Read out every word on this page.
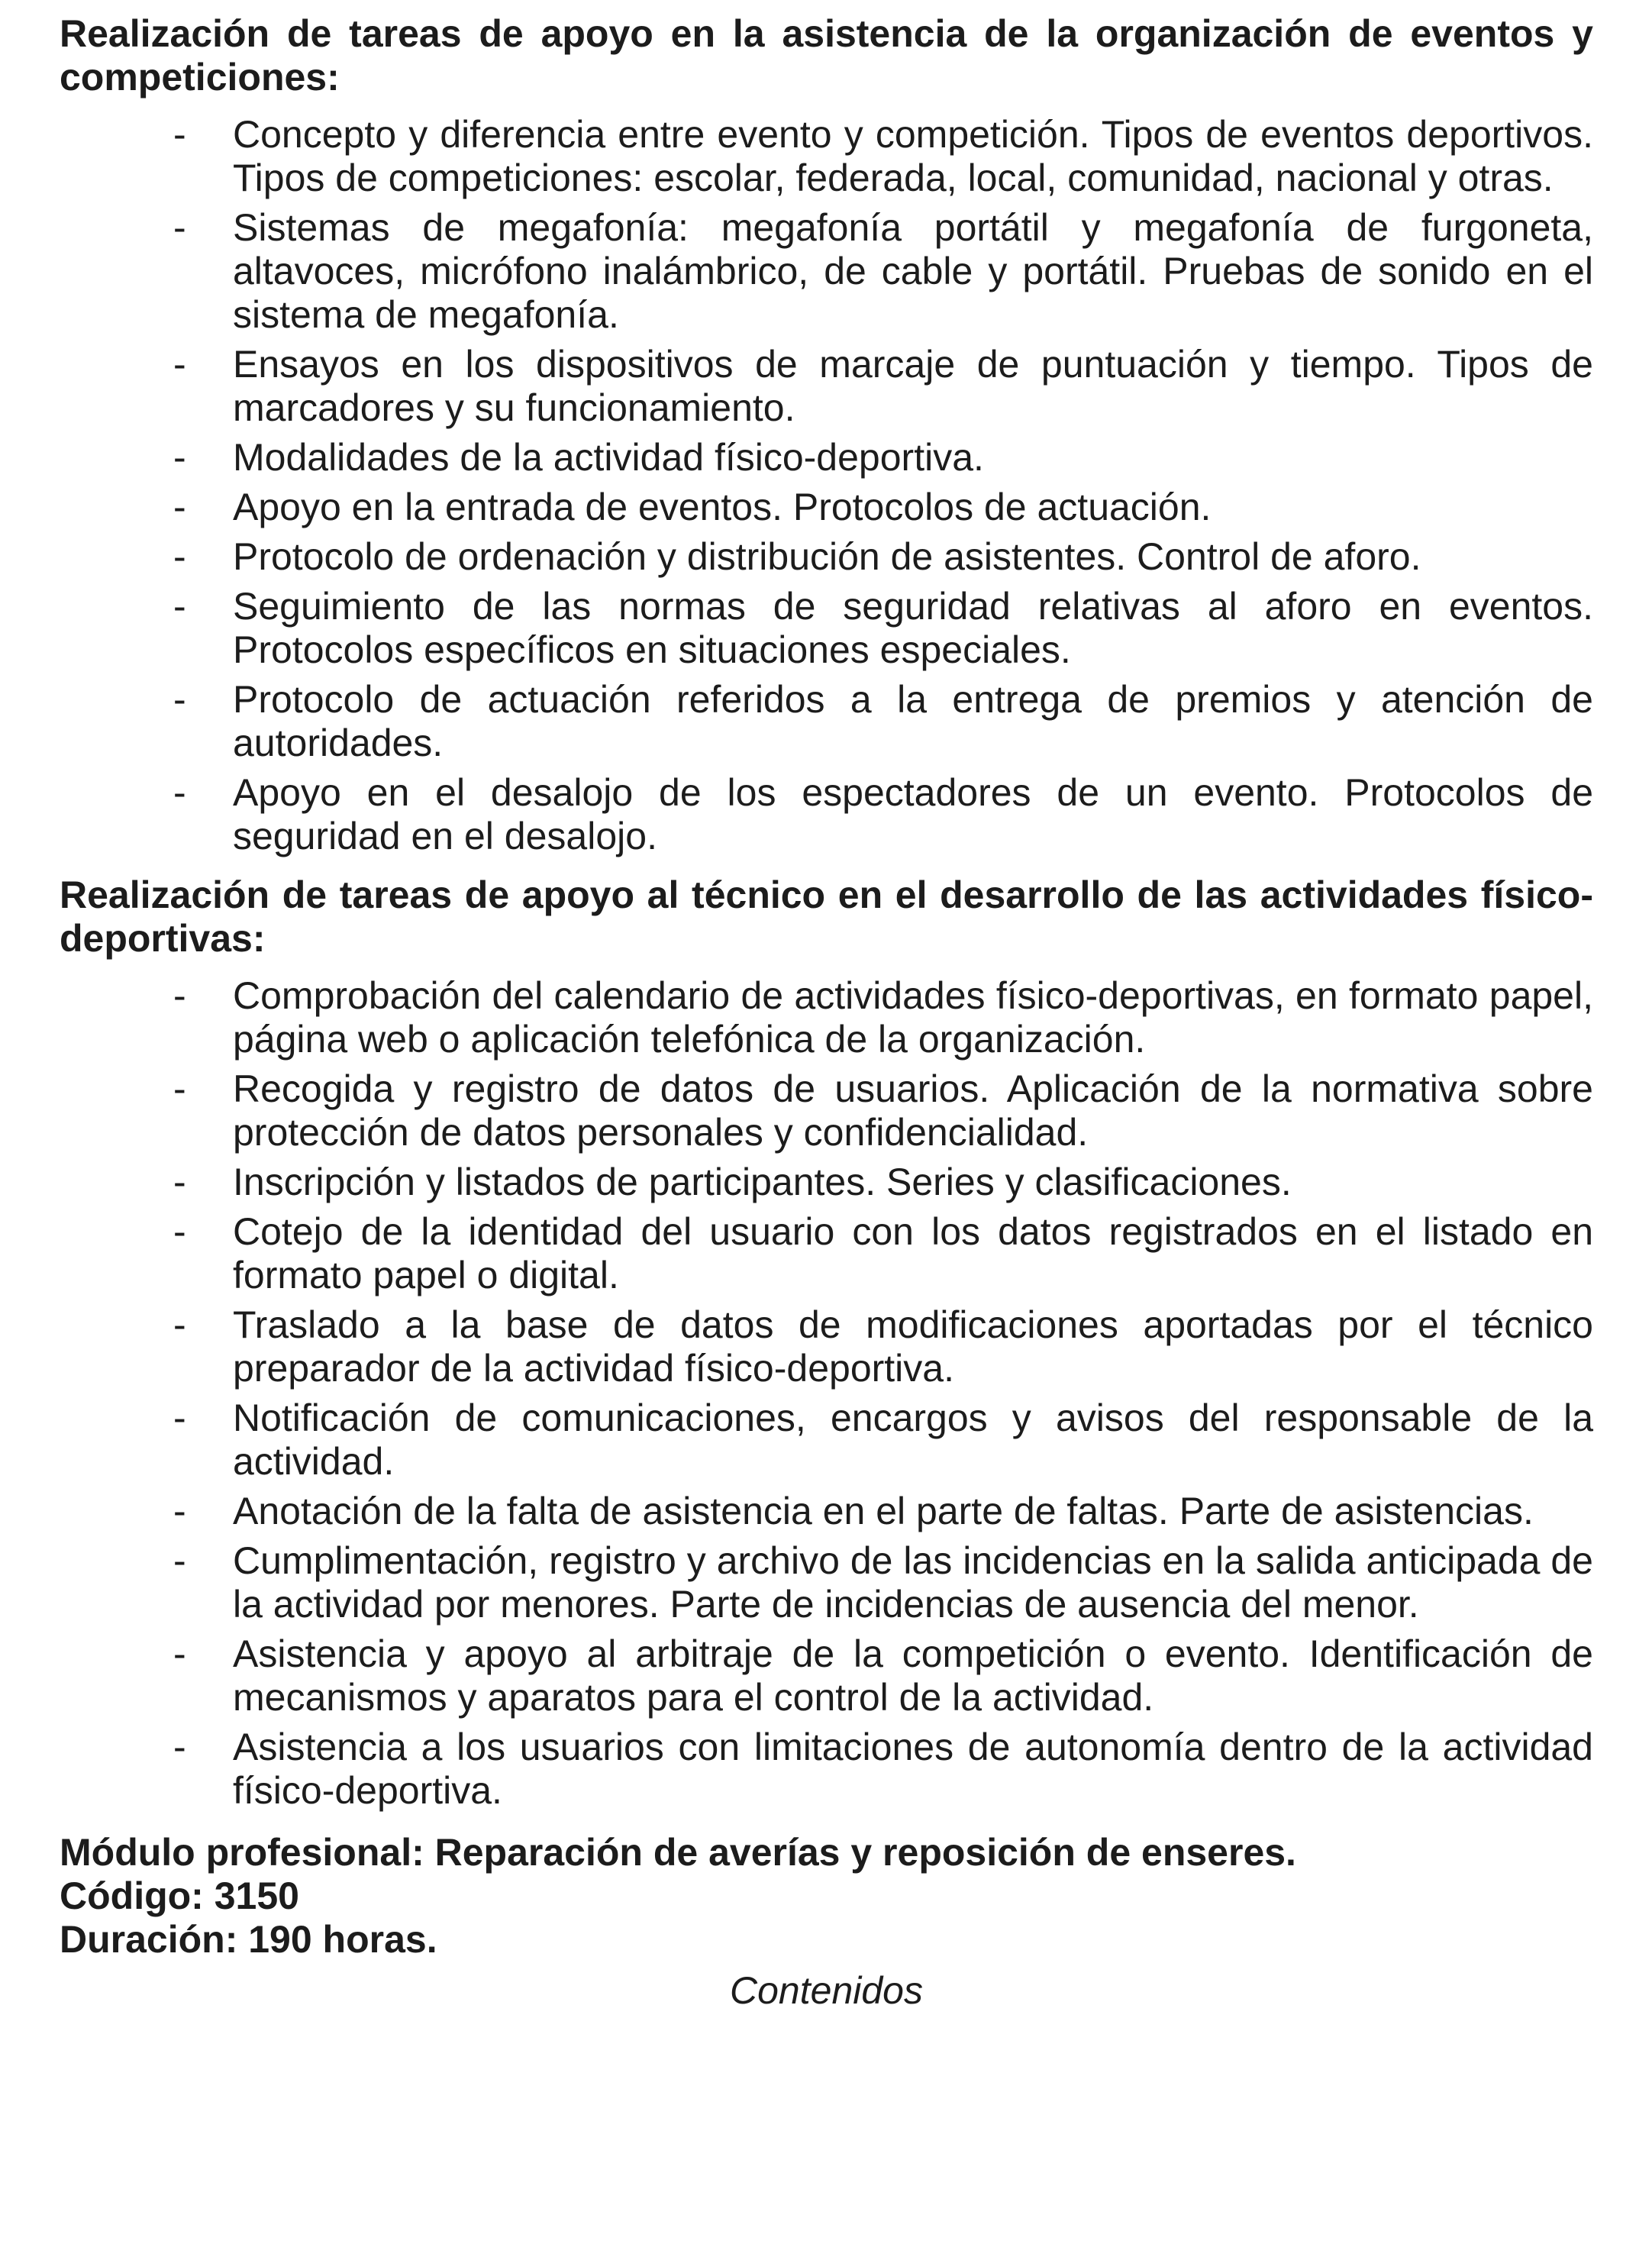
Realización de tareas de apoyo en la asistencia de la organización de eventos y competiciones:

-	Concepto y diferencia entre evento y competición. Tipos de eventos deportivos. Tipos de competiciones: escolar, federada, local, comunidad, nacional y otras.
-	Sistemas de megafonía: megafonía portátil y megafonía de furgoneta, altavoces, micrófono inalámbrico, de cable y portátil. Pruebas de sonido en el sistema de megafonía.
-	Ensayos en los dispositivos de marcaje de puntuación y tiempo. Tipos de marcadores y su funcionamiento.
-	Modalidades de la actividad físico-deportiva.
-	Apoyo en la entrada de eventos. Protocolos de actuación.
-	Protocolo de ordenación y distribución de asistentes. Control de aforo.
-	Seguimiento de las normas de seguridad relativas al aforo en eventos. Protocolos específicos en situaciones especiales.
-	Protocolo de actuación referidos a la entrega de premios y atención de autoridades.
-	Apoyo en el desalojo de los espectadores de un evento. Protocolos de seguridad en el desalojo.

Realización de tareas de apoyo al técnico en el desarrollo de las actividades físico-deportivas:

-	Comprobación del calendario de actividades físico-deportivas, en formato papel, página web o aplicación telefónica de la organización.
-	Recogida y registro de datos de usuarios. Aplicación de la normativa sobre protección de datos personales y confidencialidad.
-	Inscripción y listados de participantes. Series y clasificaciones.
-	Cotejo de la identidad del usuario con los datos registrados en el listado en formato papel o digital.
-	Traslado a la base de datos de modificaciones aportadas por el técnico preparador de la actividad físico-deportiva.
-	Notificación de comunicaciones, encargos y avisos del responsable de la actividad.
-	Anotación de la falta de asistencia en el parte de faltas. Parte de asistencias.
-	Cumplimentación, registro y archivo de las incidencias en la salida anticipada de la actividad por menores. Parte de incidencias de ausencia del menor.
-	Asistencia y apoyo al arbitraje de la competición o evento. Identificación de mecanismos y aparatos para el control de la actividad.
-	Asistencia a los usuarios con limitaciones de autonomía dentro de la actividad físico-deportiva.

Módulo profesional: Reparación de averías y reposición de enseres.

Código: 3150

Duración: 190 horas.

Contenidos
